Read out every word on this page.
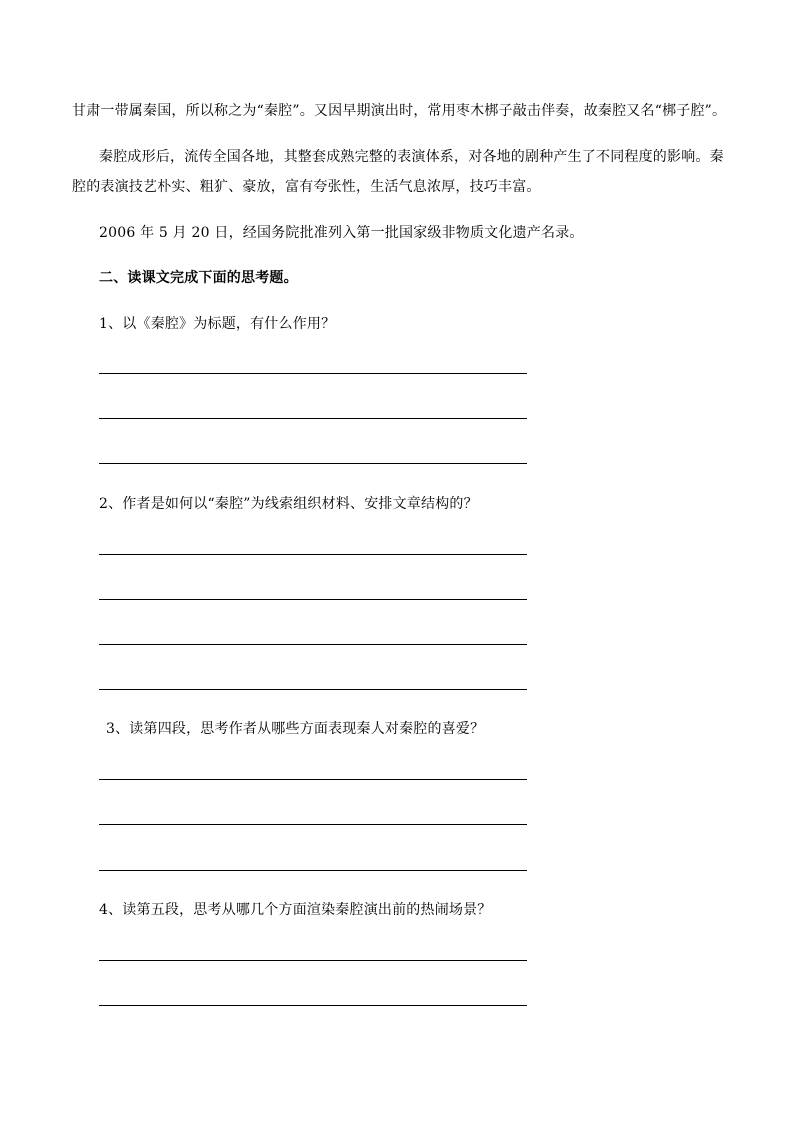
甘肃一带属秦国，所以称之为“秦腔”。又因早期演出时，常用枣木梆子敲击伴奏，故秦腔又名“梆子腔”。
秦腔成形后，流传全国各地，其整套成熟完整的表演体系，对各地的剧种产生了不同程度的影响。秦
腔的表演技艺朴实、粗犷、豪放，富有夸张性，生活气息浓厚，技巧丰富。
2006 年 5 月 20 日，经国务院批准列入第一批国家级非物质文化遗产名录。
二、读课文完成下面的思考题。
1、以《秦腔》为标题，有什么作用？
2、作者是如何以“秦腔”为线索组织材料、安排文章结构的？
3、读第四段，思考作者从哪些方面表现秦人对秦腔的喜爱？
4、读第五段，思考从哪几个方面渲染秦腔演出前的热闹场景？
